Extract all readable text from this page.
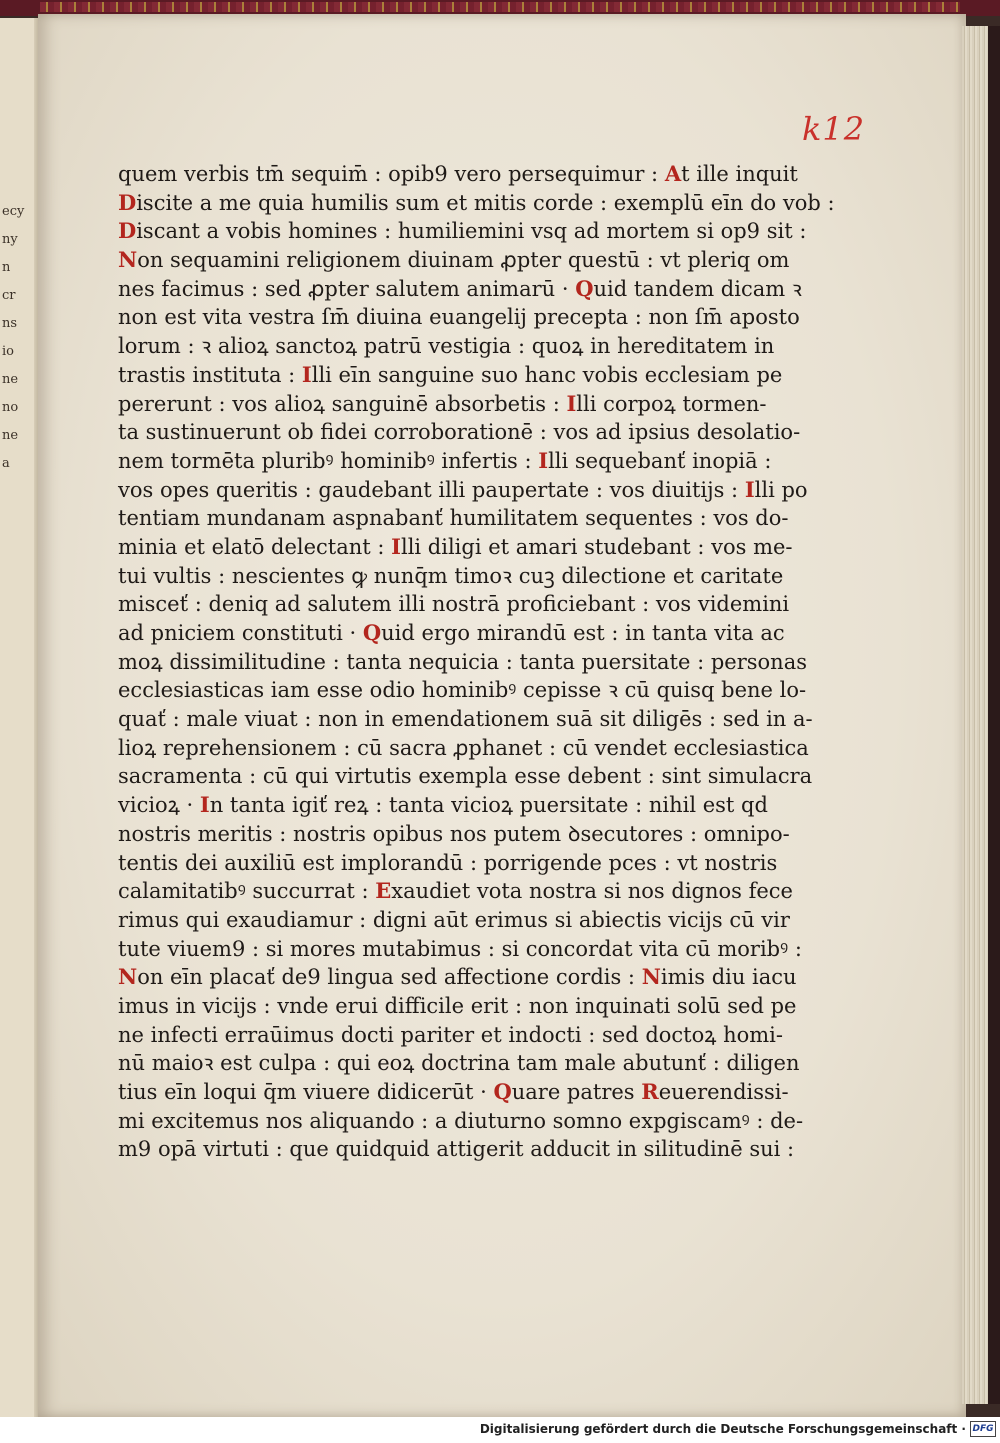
ecy
ny
n
cr
ns
io
ne
no
ne
a
k12
quem verbis tm̄ sequim̄ : opib9 vero persequimur : At ille inquit
Discite a me quia humilis sum et mitis corde : exemplū eīn do vob :
Discant a vobis homines : humiliemini vsq ad mortem si op9 sit :
Non sequamini religionem diuinam ꝓpter questū : vt pleriq om
nes facimus : sed ꝓpter salutem animarū · Quid tandem dicam ꝛ
non est vita vestra ſm̄ diuina euangelij precepta : non ſm̄ aposto
lorum : ꝛ alioꝝ sanctoꝝ patrū vestigia : quoꝝ in hereditatem in
trastis instituta : Illi eīn sanguine suo hanc vobis ecclesiam pe
pererunt : vos alioꝝ sanguinē absorbetis : Illi corpoꝝ tormen-
ta sustinuerunt ob fidei corroborationē : vos ad ipsius desolatio-
nem tormēta pluribꝰ hominibꝰ infertis : Illi sequebanť inopiā :
vos opes queritis : gaudebant illi paupertate : vos diuitijs : Illi po
tentiam mundanam aspnabanť humilitatem sequentes : vos do-
minia et elatō delectant : Illi diligi et amari studebant : vos me-
tui vultis : nescientes ꝙ nunq̄m timoꝛ cuꝫ dilectione et caritate
misceť : deniq ad salutem illi nostrā proficiebant : vos videmini
ad pniciem constituti · Quid ergo mirandū est : in tanta vita ac
moꝝ dissimilitudine : tanta nequicia : tanta puersitate : personas
ecclesiasticas iam esse odio hominibꝰ cepisse ꝛ cū quisq bene lo-
quať : male viuat : non in emendationem suā sit diligēs : sed in a-
lioꝝ reprehensionem : cū sacra ꝓphanet : cū vendet ecclesiastica
sacramenta : cū qui virtutis exempla esse debent : sint simulacra
vicioꝝ · In tanta igiť reꝝ : tanta vicioꝝ puersitate : nihil est qd
nostris meritis : nostris opibus nos putem ꝺsecutores : omnipo-
tentis dei auxiliū est implorandū : porrigende pces : vt nostris
calamitatibꝰ succurrat : Exaudiet vota nostra si nos dignos fece
rimus qui exaudiamur : digni aūt erimus si abiectis vicijs cū vir
tute viuem9 : si mores mutabimus : si concordat vita cū moribꝰ :
Non eīn placať de9 lingua sed affectione cordis : Nimis diu iacu
imus in vicijs : vnde erui difficile erit : non inquinati solū sed pe
ne infecti erraūimus docti pariter et indocti : sed doctoꝝ homi-
nū maioꝛ est culpa : qui eoꝝ doctrina tam male abutunť : diligen
tius eīn loqui q̄m viuere didicerūt · Quare patres Reuerendissi-
mi excitemus nos aliquando : a diuturno somno expgiscamꝰ : de-
m9 opā virtuti : que quidquid attigerit adducit in silitudinē sui :
Digitalisierung gefördert durch die Deutsche Forschungsgemeinschaft · DFG
